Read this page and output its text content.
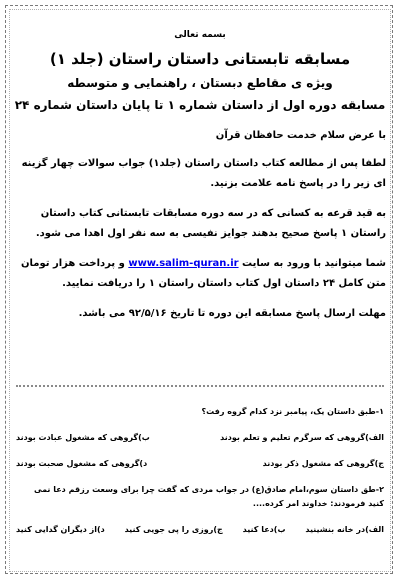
بسمه تعالی
مسابقه تابستانی داستان راستان (جلد ۱)
ویژه ی مقاطع دبستان ، راهنمایی و متوسطه
مسابقه دوره اول از داستان شماره ۱ تا پایان داستان شماره ۲۴

با عرض سلام خدمت حافظان قرآن

لطفا پس از مطالعه کتاب داستان راستان (جلد۱) جواب سوالات چهار گزینه ای زیر را در پاسخ نامه علامت بزنید.

به قید قرعه به کسانی که در سه دوره مسابقات تابستانی کتاب داستان راستان ۱ پاسخ صحیح بدهند جوایز نفیسی به سه نفر اول اهدا می شود.

شما میتوانید با ورود به سایت www.salim-quran.ir و پرداخت هزار تومان متن کامل ۲۴ داستان اول کتاب داستان راستان ۱ را دریافت نمایید.

مهلت ارسال پاسخ مسابقه این دوره تا تاریخ ۹۲/۵/۱۶ می باشد.

۱-طبق داستان یک، پیامبر نزد کدام گروه رفت؟
الف)گروهی که سرگرم تعلیم و تعلم بودند
ب)گروهی که مشغول عبادت بودند
ج)گروهی که مشغول ذکر بودند
د)گروهی که مشغول صحبت بودند
۲-طق داستان سوم،امام صادق(ع) در جواب مردی که گفت چرا برای وسعت رزقم دعا نمی کنید فرمودند: خداوند امر کرده....
الف)در خانه بنشینید
ب)دعا کنید
ج)روزی را پی جویی کنید
د)از دیگران گدایی کنید
